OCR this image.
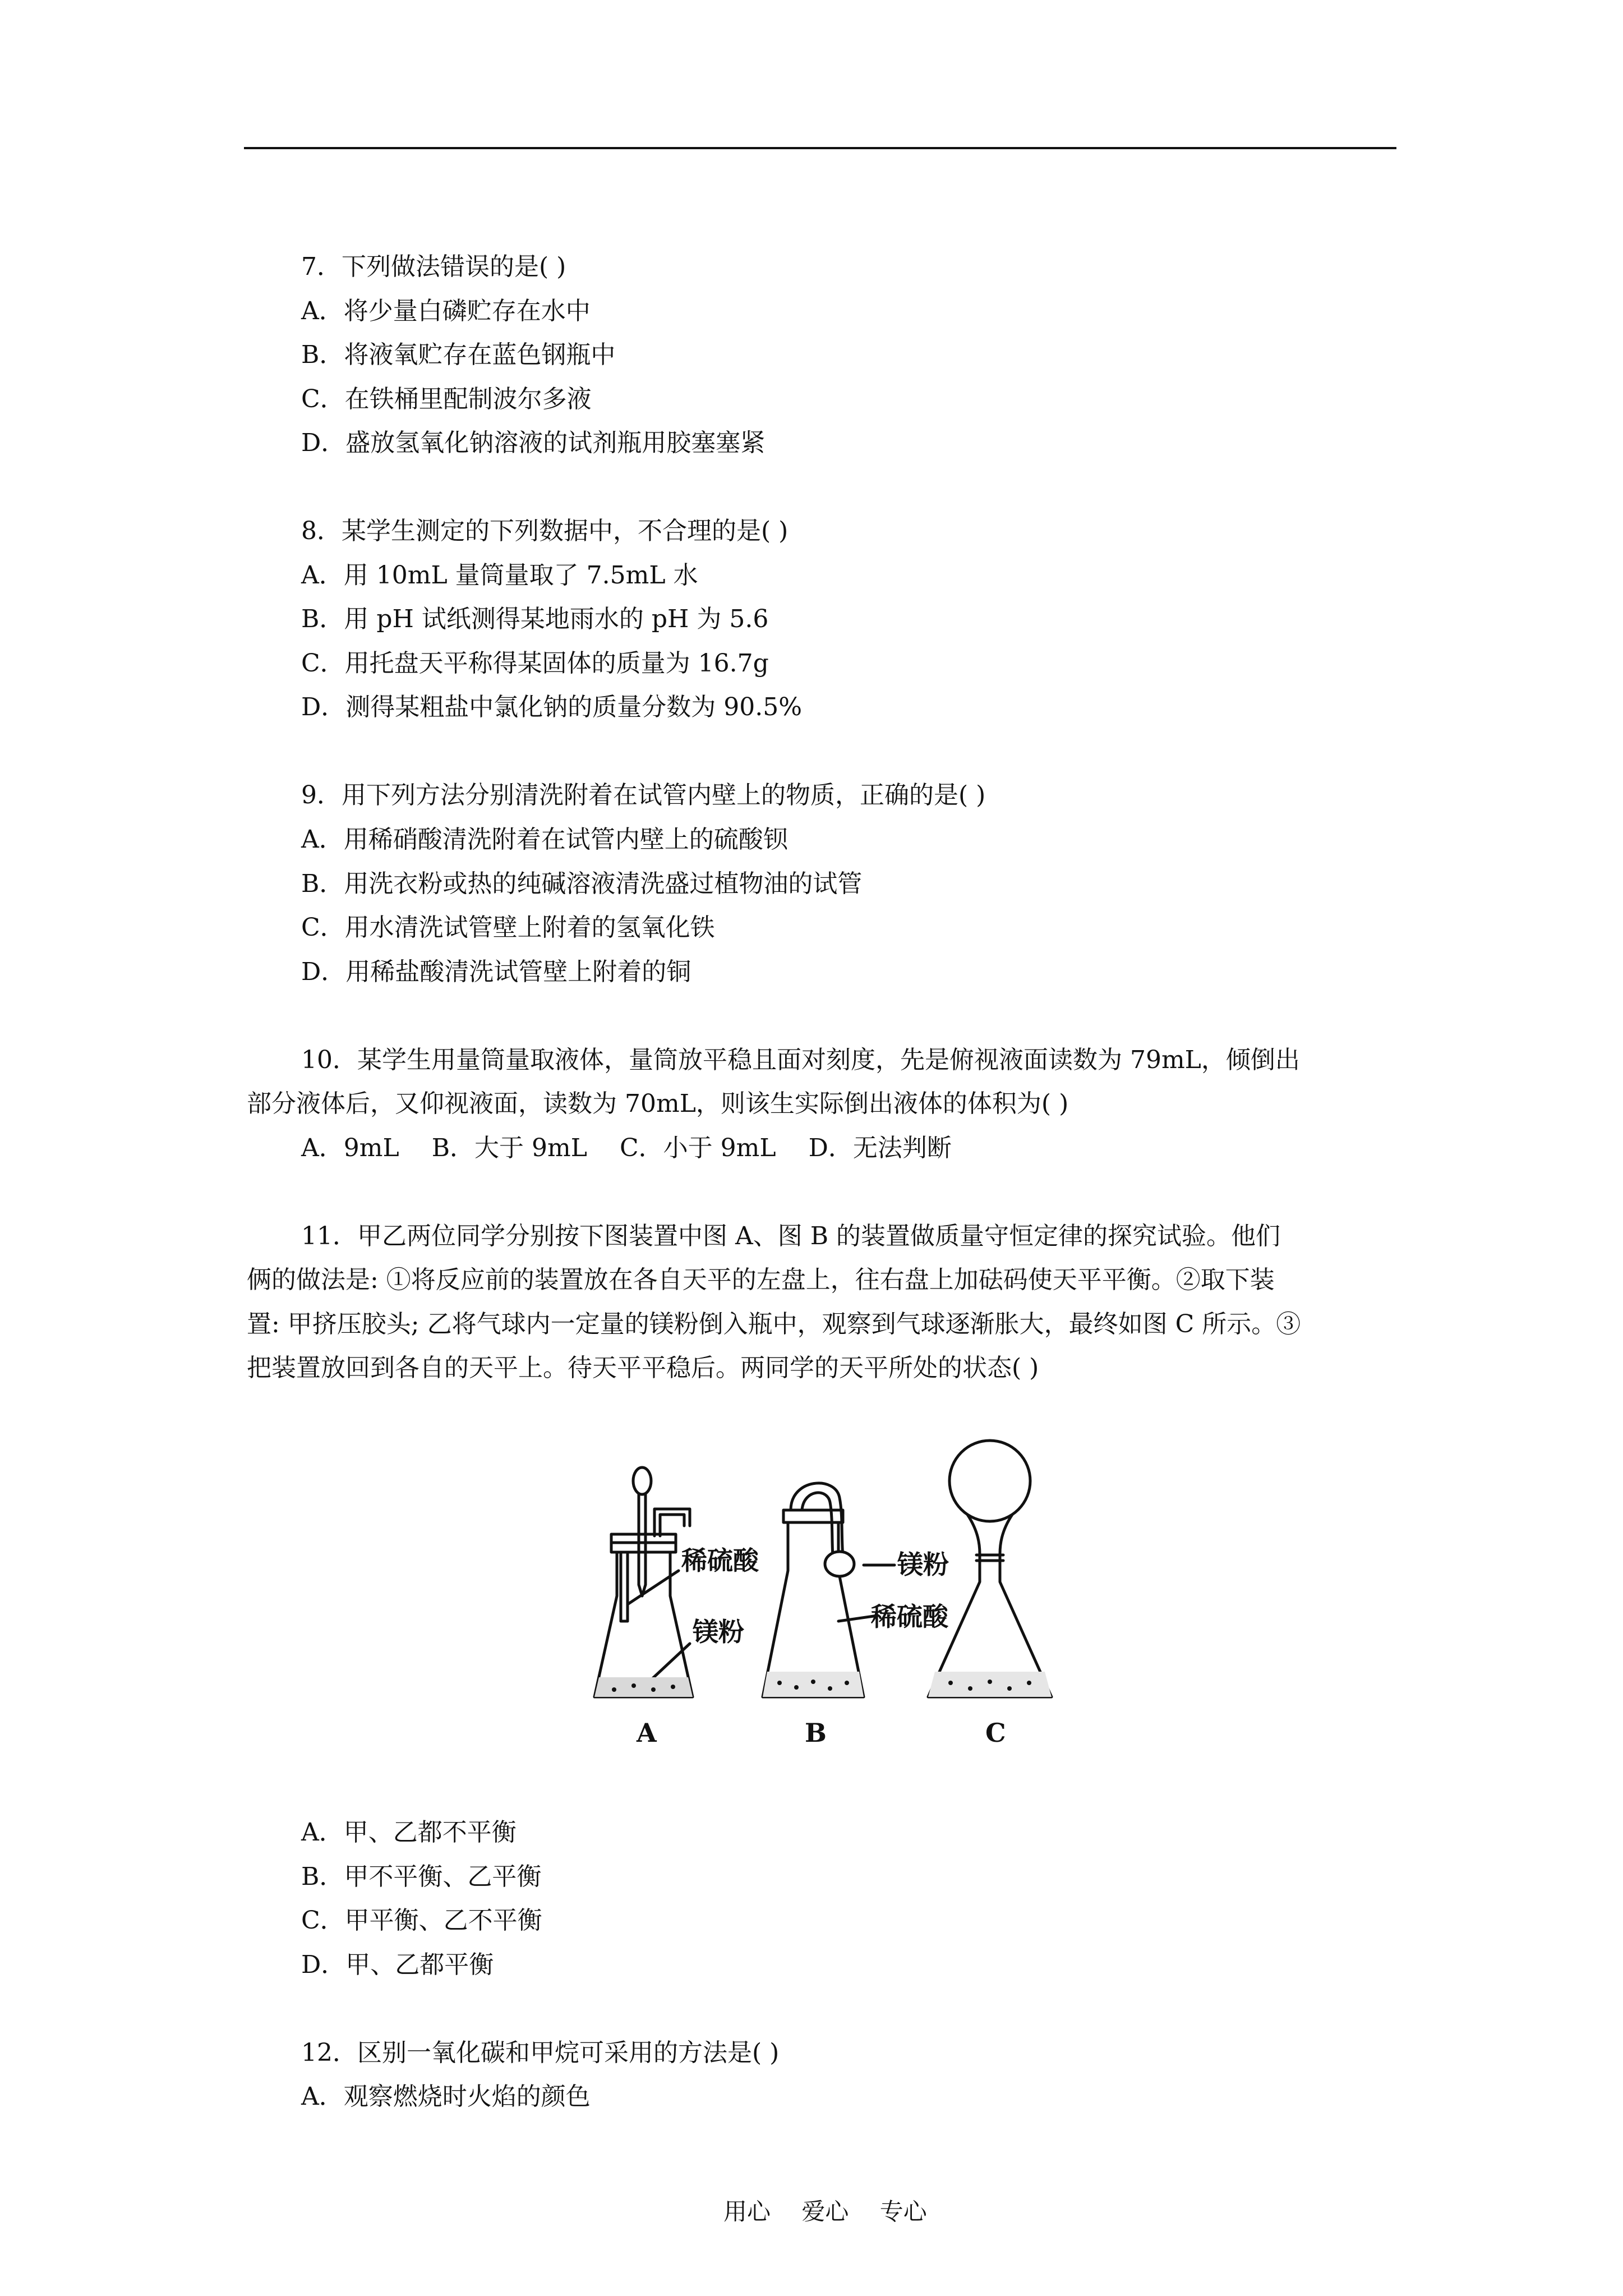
7．下列做法错误的是( )
A．将少量白磷贮存在水中
B．将液氧贮存在蓝色钢瓶中
C．在铁桶里配制波尔多液
D．盛放氢氧化钠溶液的试剂瓶用胶塞塞紧
8．某学生测定的下列数据中，不合理的是( )
A．用 10mL 量筒量取了 7.5mL 水
B．用 pH 试纸测得某地雨水的 pH 为 5.6
C．用托盘天平称得某固体的质量为 16.7g
D．测得某粗盐中氯化钠的质量分数为 90.5%
9．用下列方法分别清洗附着在试管内壁上的物质，正确的是( )
A．用稀硝酸清洗附着在试管内壁上的硫酸钡
B．用洗衣粉或热的纯碱溶液清洗盛过植物油的试管
C．用水清洗试管壁上附着的氢氧化铁
D．用稀盐酸清洗试管壁上附着的铜
10．某学生用量筒量取液体，量筒放平稳且面对刻度，先是俯视液面读数为 79mL，倾倒出
部分液体后，又仰视液面，读数为 70mL，则该生实际倒出液体的体积为( )
A．9mL B．大于 9mL C．小于 9mL D．无法判断
11．甲乙两位同学分别按下图装置中图 A、图 B 的装置做质量守恒定律的探究试验。他们
俩的做法是: ①将反应前的装置放在各自天平的左盘上，往右盘上加砝码使天平平衡。②取下装
置: 甲挤压胶头; 乙将气球内一定量的镁粉倒入瓶中，观察到气球逐渐胀大，最终如图 C 所示。③
把装置放回到各自的天平上。待天平平稳后。两同学的天平所处的状态( )
稀硫酸
镁粉
镁粉
稀硫酸
A	B	C
A．甲、乙都不平衡
B．甲不平衡、乙平衡
C．甲平衡、乙不平衡
D．甲、乙都平衡
12．区别一氧化碳和甲烷可采用的方法是( )
A．观察燃烧时火焰的颜色
用心 爱心 专心
